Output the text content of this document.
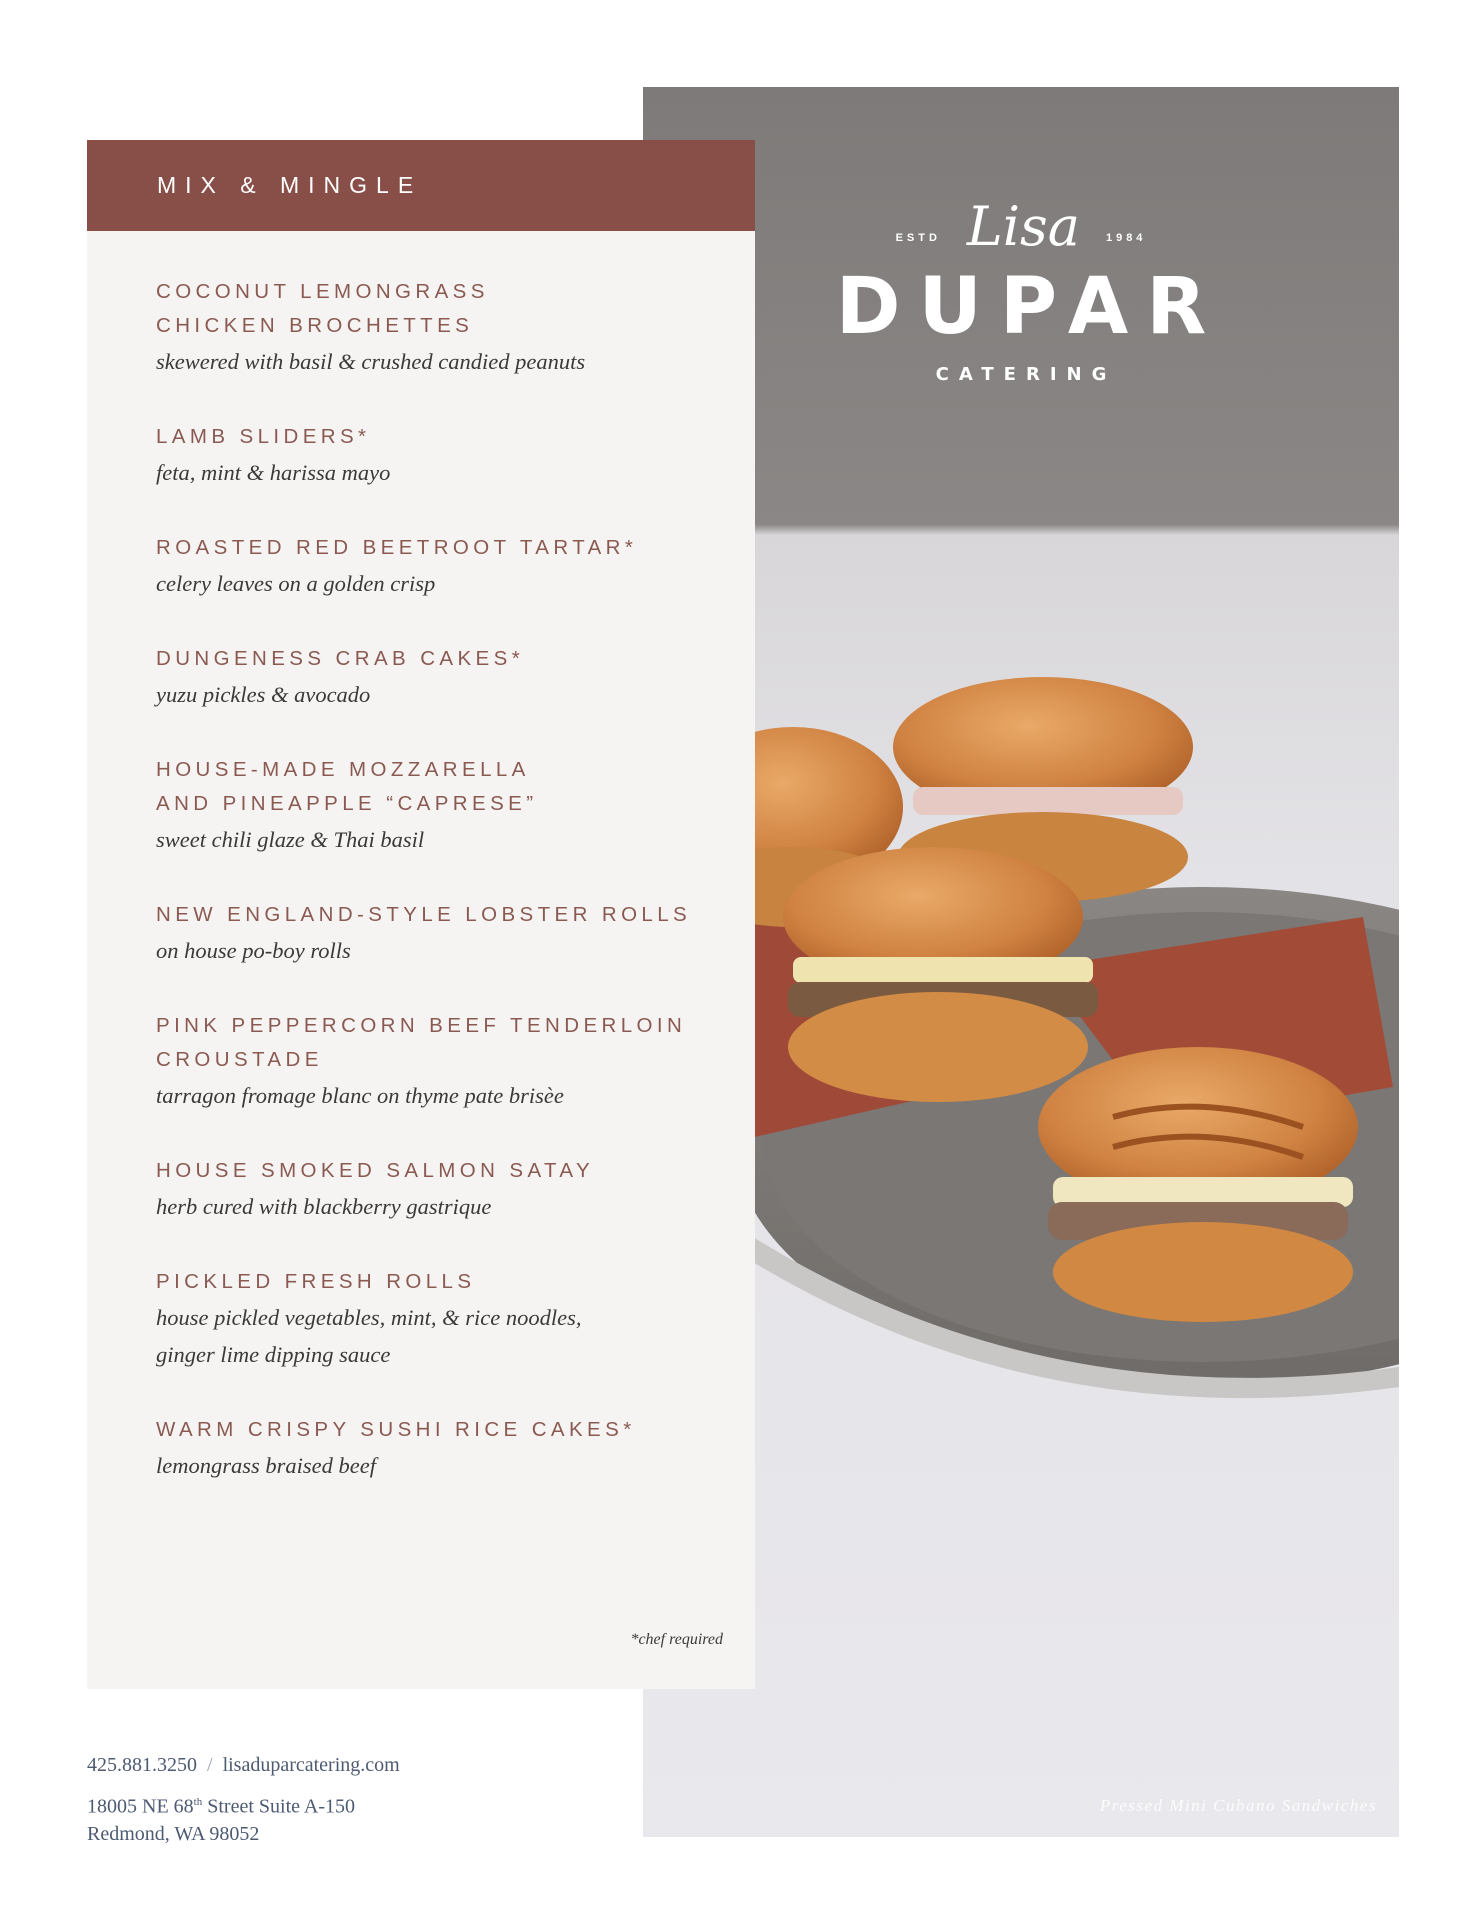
ESTD Lisa 1984
DUPAR
CATERING
Pressed Mini Cubano Sandwiches
MIX & MINGLE
COCONUT LEMONGRASS
CHICKEN BROCHETTES
skewered with basil & crushed candied peanuts
LAMB SLIDERS*
feta, mint & harissa mayo
ROASTED RED BEETROOT TARTAR*
celery leaves on a golden crisp
DUNGENESS CRAB CAKES*
yuzu pickles & avocado
HOUSE-MADE MOZZARELLA
AND PINEAPPLE “CAPRESE”
sweet chili glaze & Thai basil
NEW ENGLAND-STYLE LOBSTER ROLLS
on house po-boy rolls
PINK PEPPERCORN BEEF TENDERLOIN
CROUSTADE
tarragon fromage blanc on thyme pate brisèe
HOUSE SMOKED SALMON SATAY
herb cured with blackberry gastrique
PICKLED FRESH ROLLS
house pickled vegetables, mint, & rice noodles,
ginger lime dipping sauce
WARM CRISPY SUSHI RICE CAKES*
lemongrass braised beef
*chef required
425.881.3250 / lisaduparcatering.com
18005 NE 68th Street Suite A-150
Redmond, WA 98052
